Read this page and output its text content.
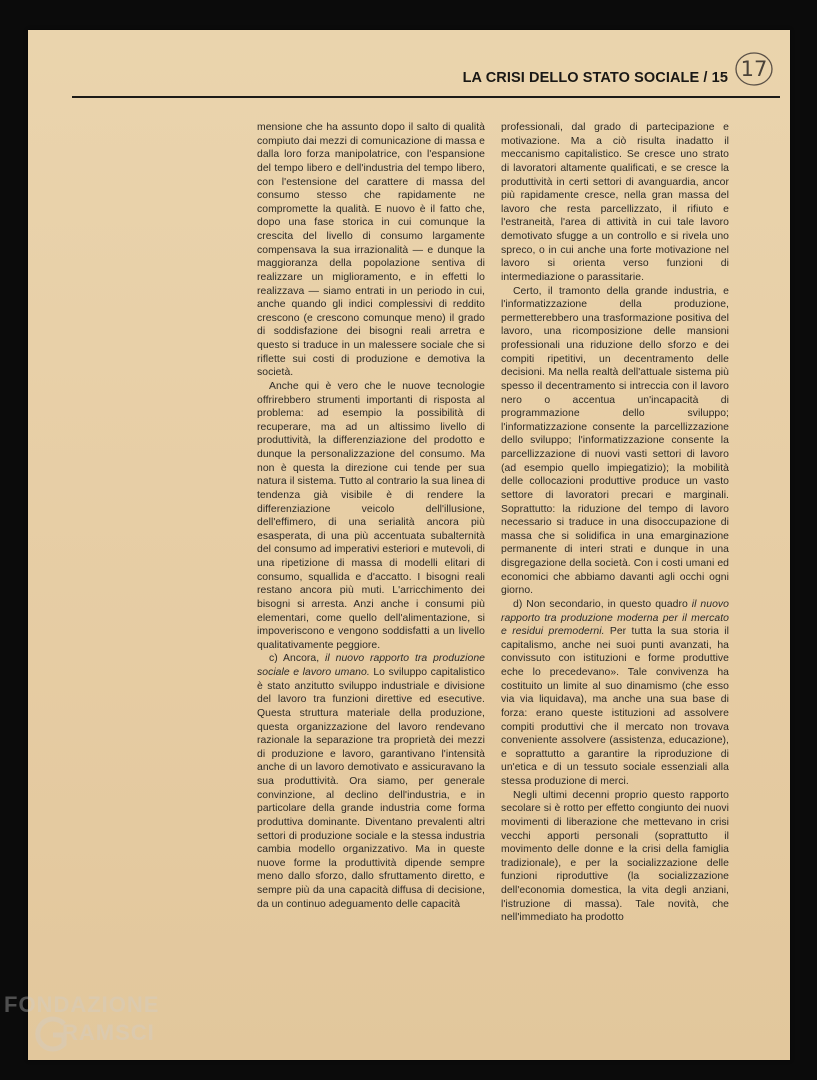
LA CRISI DELLO STATO SOCIALE / 15 17

mensione che ha assunto dopo il salto di qualità compiuto dai mezzi di comunicazione di massa e dalla loro forza manipolatrice, con l'espansione del tempo libero e dell'industria del tempo libero, con l'estensione del carattere di massa del consumo stesso che rapidamente ne compromette la qualità. E nuovo è il fatto che, dopo una fase storica in cui comunque la crescita del livello di consumo largamente compensava la sua irrazionalità — e dunque la maggioranza della popolazione sentiva di realizzare un miglioramento, e in effetti lo realizzava — siamo entrati in un periodo in cui, anche quando gli indici complessivi di reddito crescono (e crescono comunque meno) il grado di soddisfazione dei bisogni reali arretra e questo si traduce in un malessere sociale che si riflette sui costi di produzione e demotiva la società.

Anche qui è vero che le nuove tecnologie offrirebbero strumenti importanti di risposta al problema: ad esempio la possibilità di recuperare, ma ad un altissimo livello di produttività, la differenziazione del prodotto e dunque la personalizzazione del consumo. Ma non è questa la direzione cui tende per sua natura il sistema. Tutto al contrario la sua linea di tendenza già visibile è di rendere la differenziazione veicolo dell'illusione, dell'effimero, di una serialità ancora più esasperata, di una più accentuata subalternità del consumo ad imperativi esteriori e mutevoli, di una ripetizione di massa di modelli elitari di consumo, squallida e d'accatto. I bisogni reali restano ancora più muti. L'arricchimento dei bisogni si arresta. Anzi anche i consumi più elementari, come quello dell'alimentazione, si impoveriscono e vengono soddisfatti a un livello qualitativamente peggiore.

c) Ancora, il nuovo rapporto tra produzione sociale e lavoro umano. Lo sviluppo capitalistico è stato anzitutto sviluppo industriale e divisione del lavoro tra funzioni direttive ed esecutive. Questa struttura materiale della produzione, questa organizzazione del lavoro rendevano razionale la separazione tra proprietà dei mezzi di produzione e lavoro, garantivano l'intensità anche di un lavoro demotivato e assicuravano la sua produttività. Ora siamo, per generale convinzione, al declino dell'industria, e in particolare della grande industria come forma produttiva dominante. Diventano prevalenti altri settori di produzione sociale e la stessa industria cambia modello organizzativo. Ma in queste nuove forme la produttività dipende sempre meno dallo sforzo, dallo sfruttamento diretto, e sempre più da una capacità diffusa di decisione, da un continuo adeguamento delle capacità

professionali, dal grado di partecipazione e motivazione. Ma a ciò risulta inadatto il meccanismo capitalistico. Se cresce uno strato di lavoratori altamente qualificati, e se cresce la produttività in certi settori di avanguardia, ancor più rapidamente cresce, nella gran massa del lavoro che resta parcellizzato, il rifiuto e l'estraneità, l'area di attività in cui tale lavoro demotivato sfugge a un controllo e si rivela uno spreco, o in cui anche una forte motivazione nel lavoro si orienta verso funzioni di intermediazione o parassitarie.

Certo, il tramonto della grande industria, e l'informatizzazione della produzione, permetterebbero una trasformazione positiva del lavoro, una ricomposizione delle mansioni professionali una riduzione dello sforzo e dei compiti ripetitivi, un decentramento delle decisioni. Ma nella realtà dell'attuale sistema più spesso il decentramento si intreccia con il lavoro nero o accentua un'incapacità di programmazione dello sviluppo; l'informatizzazione consente la parcellizzazione dello sviluppo; l'informatizzazione consente la parcellizzazione di nuovi vasti settori di lavoro (ad esempio quello impiegatizio); la mobilità delle collocazioni produttive produce un vasto settore di lavoratori precari e marginali. Soprattutto: la riduzione del tempo di lavoro necessario si traduce in una disoccupazione di massa che si solidifica in una emarginazione permanente di interi strati e dunque in una disgregazione della società. Con i costi umani ed economici che abbiamo davanti agli occhi ogni giorno.

d) Non secondario, in questo quadro il nuovo rapporto tra produzione moderna per il mercato e residui premoderni. Per tutta la sua storia il capitalismo, anche nei suoi punti avanzati, ha convissuto con istituzioni e forme produttive eche lo precedevano». Tale convivenza ha costituito un limite al suo dinamismo (che esso via via liquidava), ma anche una sua base di forza: erano queste istituzioni ad assolvere compiti produttivi che il mercato non trovava conveniente assolvere (assistenza, educazione), e soprattutto a garantire la riproduzione di un'etica e di un tessuto sociale essenziali alla stessa produzione di merci.

Negli ultimi decenni proprio questo rapporto secolare si è rotto per effetto congiunto dei nuovi movimenti di liberazione che mettevano in crisi vecchi apporti personali (soprattutto il movimento delle donne e la crisi della famiglia tradizionale), e per la socializzazione delle funzioni riproduttive (la socializzazione dell'economia domestica, la vita degli anziani, l'istruzione di massa). Tale novità, che nell'immediato ha prodotto

FONDAZIONE
RAMSCI
